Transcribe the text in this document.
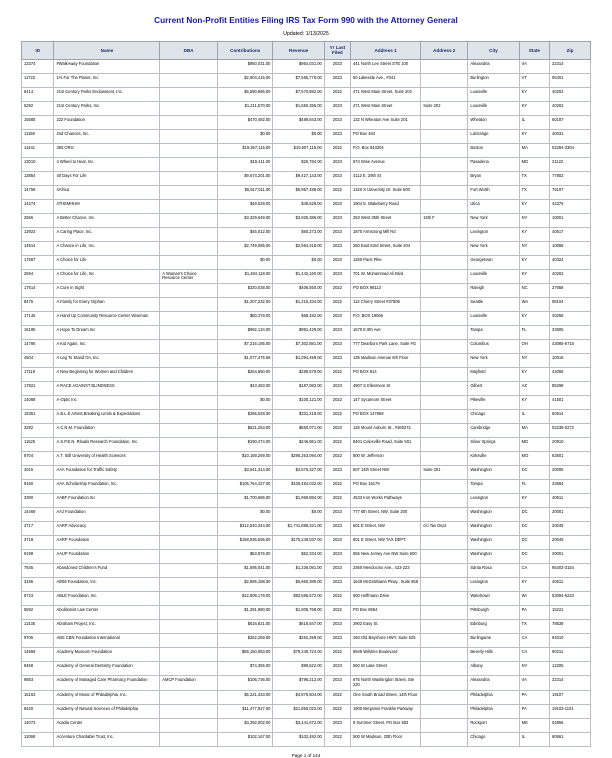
Current Non-Profit Entities Filing IRS Tax Form 990 with the Attorney General
Updated: 1/13/2025
ID	Name	DBA	Contributions	Revenue	Yr Last Filed	Address 1	Address 2	City	State	Zip
13374	#WalkAway Foundation		$950,031.00	$954,031.00	2023	441 North Lee Street STE 100		Alexandria	VA	22314
11722	1% For The Planet, Inc.		$2,904,415.00	$7,555,776.00	2023	50 Lakeside Ave., #341		Burlington	VT	05401
6414	21st Century Parks Endowment, Inc.		$6,590,986.00	$7,570,882.00	2022	471 West Main Street, Suite 202		Louisville	KY	40202
5292	21st Century Parks, Inc.		$1,211,570.00	$1,550,355.00	2023	471 West Main Street	Suite 202	Louisville	KY	40202
15585	222 Foundation		$470,482.00	$489,843.00	2023	132 N Wheaton Ave Suite 201		Wheaton	IL	60187
11169	2nd Chances, Inc.		$0.00	$0.00	2023	PO Box 484		LaGrange	KY	40031
11441	350.ORG		$19,367,115.00	$19,507,115.00	2022	P.O. Box 843304		Boston	MA	02284-3304
13010	4 Wheel to Heal, Inc.		$15,411.00	$26,784.00	2023	674 Wise Avenue		Pasadena	MD	21122
13854	40 Days For Life		$9,674,201.00	$9,427,143.00	2023	4112 E. 29th St		Bryan	TX	77802
14758	4Africa		$5,917,011.00	$5,957,488.00	2022	1320 S University Dr. Suite 500		Fort Worth	TX	76107
14274	4THEMHHM		$49,528.00	$49,528.00	2023	1904 E. Blakeberry Road		Utica	KY	42376
2566	A Better Chance, Inc.		$3,329,649.00	$3,925,386.00	2023	253 West 35th Street	15th F	New York	NY	10001
12923	A Caring Place, Inc.		$45,012.00	$60,273.00	2023	1870 Armstrong Mill Rd		Lexington	KY	40517
14914	A Chance in Life, Inc.		$2,749,085.00	$2,594,318.00	2023	250 East 63rd Street, Suite 204		New York	NY	10065
17587	A Choice for Life		$0.00	$0.00	2023	1250 Paris Pike		Georgetown	KY	40324
2694	A Choice for Life, Inc	A Woman's Choice Resource Center	$1,484,118.00	$1,442,160.00	2023	701 W. Muhammad Ali Blvd		Louisville	KY	40202
17514	A Cure In Sight		$320,038.00	$406,550.00	2022	PO BOX 98113		Raleigh	NC	27658
8476	A Family for Every Orphan		$1,207,232.00	$1,215,334.00	2022	113 Cherry Street #37509		Seattle	WA	98104
17146	A Hand Up Community Resource Center Wiseman		$60,378.00	$68,482.00	2023	P.O. BOX 18066		Louisville	KY	40258
16195	A Hope To Dream Inc		$992,134.00	$991,429.00	2023	1670 E 8th Ave		Tampa	FL	33605
14786	A Kid Again, Inc.		$7,216,185.00	$7,302,881.00	2023	777 Dearborn Park Lane, Suite #G		Columbus	OH	43085-5716
4504	A Leg To Stand On, Inc.		$1,077,476.59	$1,094,459.00	2023	135 Madison Avenue 6th Floor		New York	NY	10016
17119	A New Beginning for Women and Children		$264,650.00	$289,579.00	2022	PO BOX 814		Mayfield	KY	42066
17821	A RACE AGAINST BLINDNESS		$43,483.00	$187,083.00	2023	4907 S Ellesmere St		Gilbert	AZ	85298
14088	A-Optic Inc		$0.00	$100,121.00	2022	147 Sycamore Street		Pikeville	KY	41501
15351	A.B.L.E Artists Breaking Limits & Expectations		$286,528.00	$331,219.00	2022	PO BOX 147869		Chicago	IL	60614
3292	A.C.N.M. Foundation		$621,263.00	$650,071.00	2023	125 Mount Auburn St., #360272		Cambridge	MA	02238-0272
11625	A.S.P.E.N. Rituals Research Foundation, Inc.		$190,474.00	$246,961.00	2022	8401 Colesville Road, Suite 501		Silver Springs	MD	20910
8704	A.T. Still University of Health Sciences		$10,159,269.00	$290,263,094.00	2022	800 W. Jefferson		Kirksville	MO	63501
4015	AAA Foundation for Traffic Safety		$3,641,314.00	$4,576,327.00	2023	607 14th Street NW	Suite 201	Washington	DC	20005
9160	AAA Scholarship Foundation, Inc.		$105,764,427.00	$106,484,032.00	2022	PO Box 15179		Tampa	FL	33684
3390	AABF Foundation Inc		$1,700,686.00	$1,969,884.00	2022	4533 Iron Works Pathways		Lexington	KY	40511
14469	AAJ Foundation		$0.00	$0.00	2023	777 6th Street, NW, Suite 200		Washington	DC	20001
3717	AARP Advocacy		$312,540,344.00	$1,741,888,321.00	2023	601 E Street, NW	c/o Tax Dept.	Washington	DC	20049
3718	AARP Foundation		$159,936,595.00	$175,249,037.00	2023	601 E Street, NW TAX DEPT.		Washington	DC	20049
9199	AAUP Foundation		$53,976.00	$62,334.00	2023	555 New Jersey Ave NW Suite 600		Washington	DC	20001
7545	Abandoned Children's Fund		$1,595,041.00	$1,236,081.00	2023	2360 Mendocino Ave., 423-223		Santa Rosa	CA	95403-3154
3186	ABIM Foundation, Inc.		$2,895,188.00	$6,860,380.00	2023	1648 McGrathiana Pkwy., Suite 558		Lexington	KY	40511
8723	ABLE Foundation, Inc.		$12,809,178.00	$93,586,572.00	2022	600 Hoffmann Drive		Watertown	WI	53094-6223
5592	Abolitionist Law Center		$1,291,980.00	$1,805,768.00	2022	PO Box 8654		Pittsburgh	PA	15221
11435	Abraham Project, Inc.		$616,821.00	$616,847.00	2023	2902 Easy St.		Edinburg	TX	78539
9705	ABS CBN Foundation International		$262,259.00	$262,259.00	2023	150 Old Bayshore HWY, Suite 525		Burlingame	CA	94010
14569	Academy Museum Foundation		$65,150,983.00	$79,246,724.00	2022	8949 Wilshire Boulevard		Beverly Hills	CA	90211
8458	Academy of General Dentistry Foundation		$74,355.00	$99,522.00	2023	560 W Lake Street		Albany	NY	12205
9853	Academy of Managed Care Pharmacy Foundation	AMCP Foundation	$106,736.00	$796,212.00	2023	675 North Washington Street, Ste 220		Alexandria	VA	22314
15163	Academy of Music of Philadelphia, Inc.		$5,221,433.00	$4,876,504.00	2022	One South Broad Street, 14th Floor		Philadelphia	PA	19107
8420	Academy of Natural Sciences of Philadelphia		$11,477,927.00	$21,850,023.00	2022	1900 Benjamin Franklin Parkway		Philadelphia	PA	19103-1101
14073	Acadia Center		$3,392,002.00	$3,441,672.00	2023	8 Summer Street, PO Box 583		Rockport	ME	04856
11098	Accenture Charitable Trust, Inc.		$102,167.00	$102,482.00	2022	500 W Madison, 20th Floor		Chicago	IL	60661
Page 1 of 144
